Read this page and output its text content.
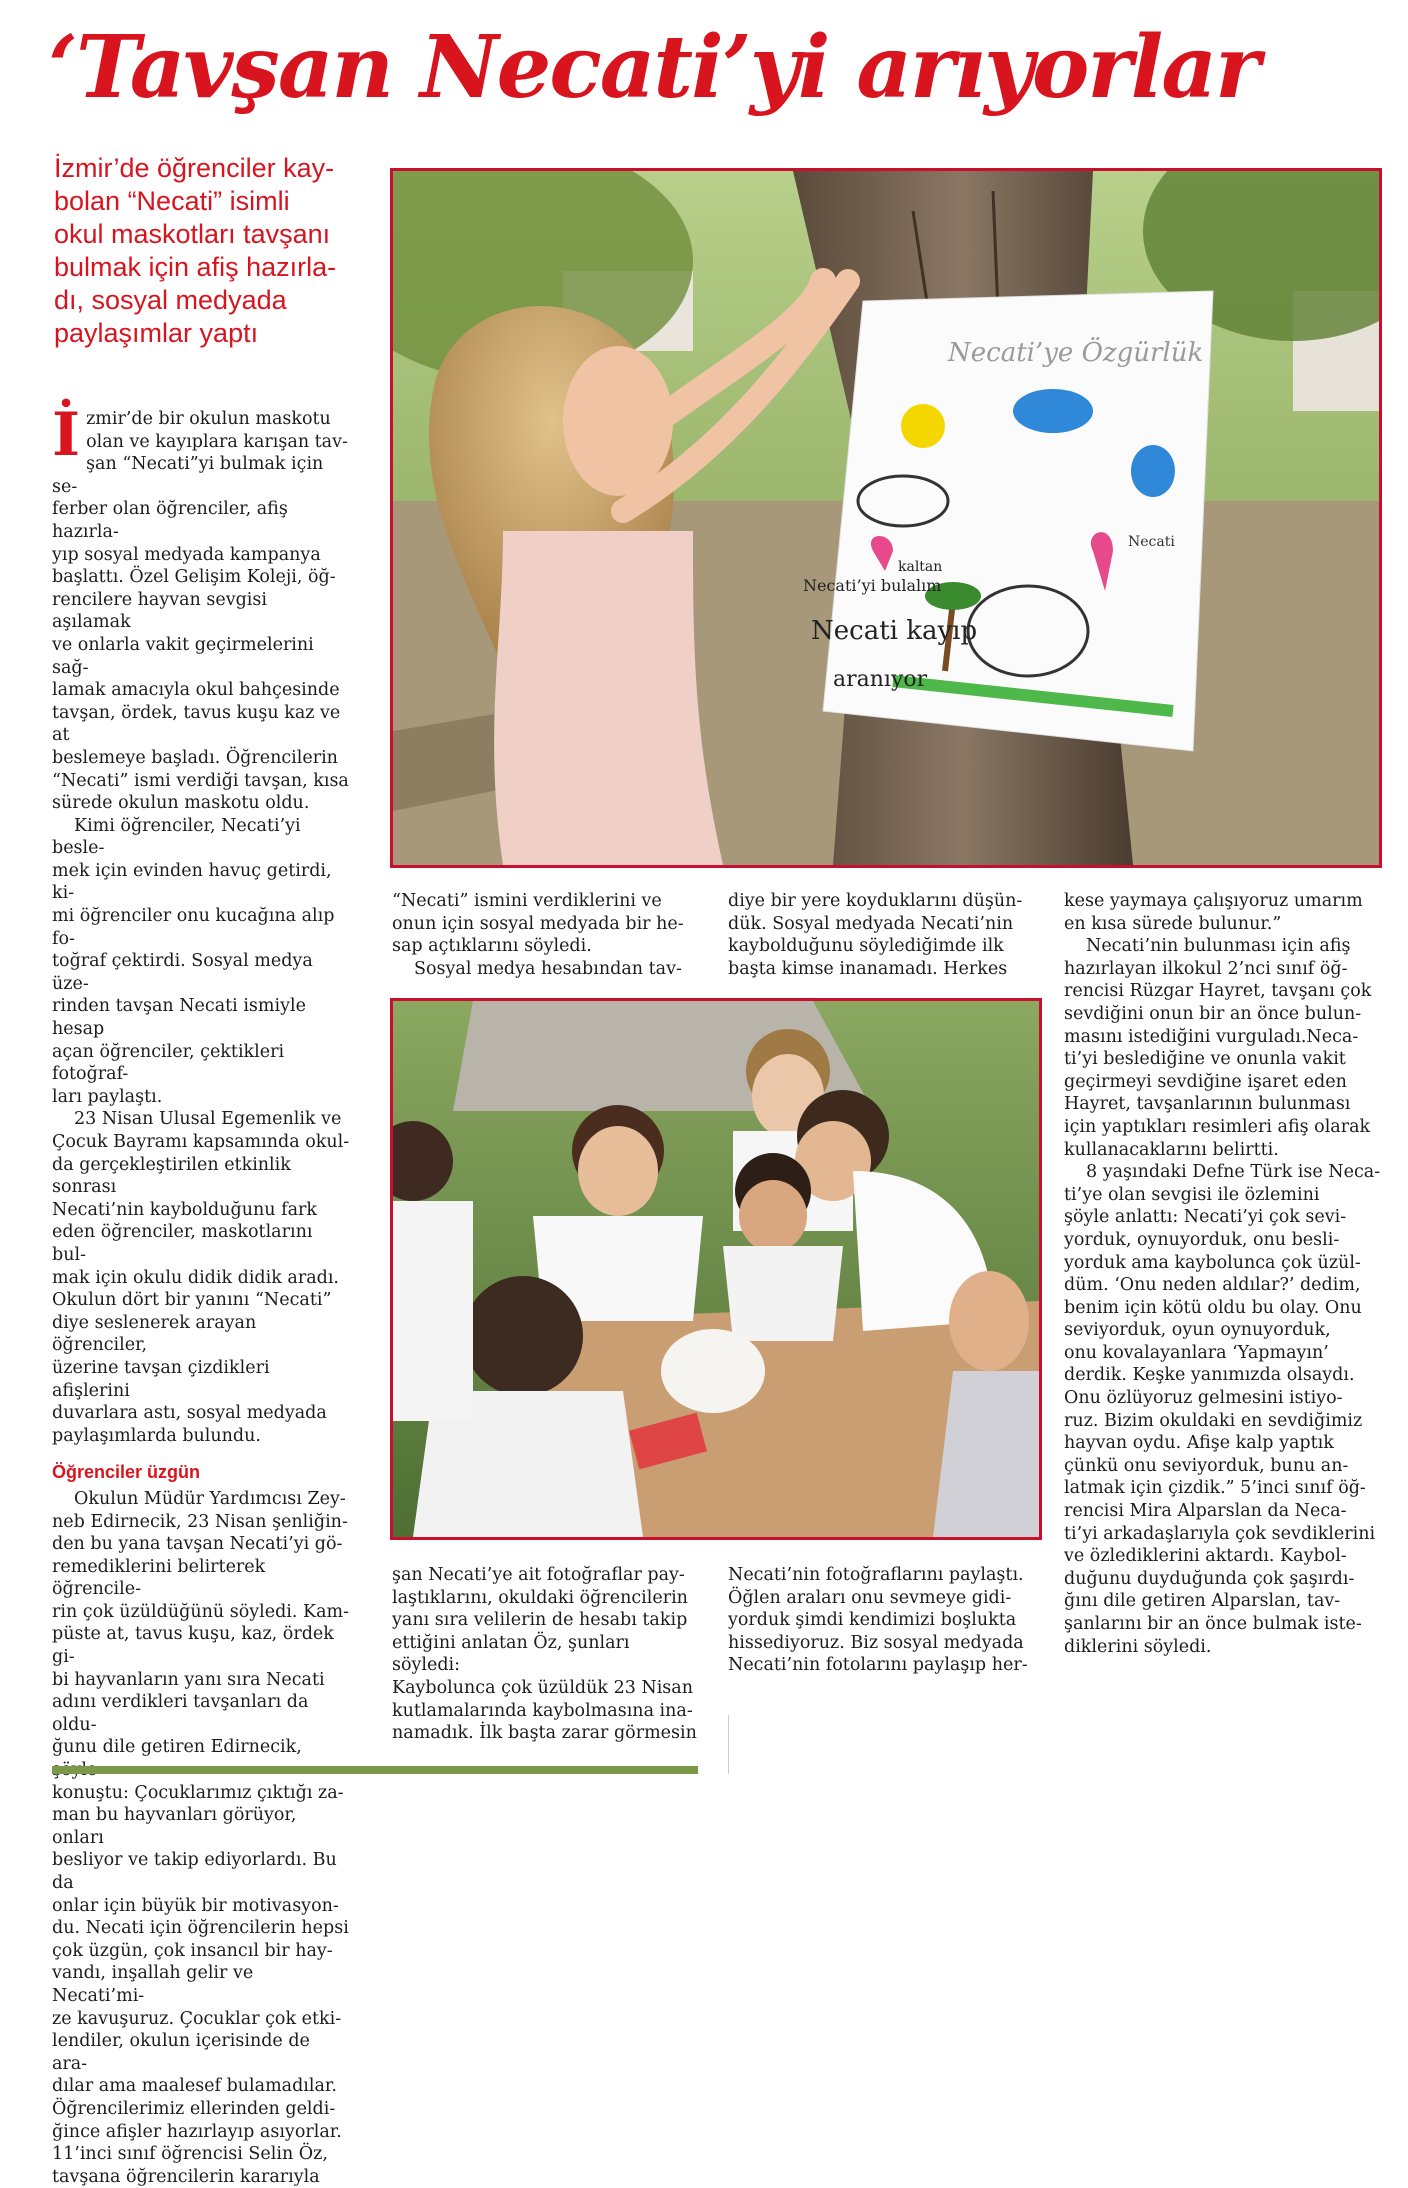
‘Tavşan Necati’yi arıyorlar

İzmir’de öğrenciler kay-

bolan “Necati” isimli

okul maskotları tavşanı

bulmak için afiş hazırla-

dı, sosyal medyada

paylaşımlar yaptı

İ zmir’de bir okulun maskotu

olan ve kayıplara karışan tav-

şan “Necati”yi bulmak için se-

ferber olan öğrenciler, afiş hazırla-

yıp sosyal medyada kampanya

başlattı. Özel Gelişim Koleji, öğ-

rencilere hayvan sevgisi aşılamak

ve onlarla vakit geçirmelerini sağ-

lamak amacıyla okul bahçesinde

tavşan, ördek, tavus kuşu kaz ve at

beslemeye başladı. Öğrencilerin

“Necati” ismi verdiği tavşan, kısa

sürede okulun maskotu oldu.

Kimi öğrenciler, Necati’yi besle-

mek için evinden havuç getirdi, ki-

mi öğrenciler onu kucağına alıp fo-

toğraf çektirdi. Sosyal medya üze-

rinden tavşan Necati ismiyle hesap

açan öğrenciler, çektikleri fotoğraf-

ları paylaştı.

23 Nisan Ulusal Egemenlik ve

Çocuk Bayramı kapsamında okul-

da gerçekleştirilen etkinlik sonrası

Necati’nin kaybolduğunu fark

eden öğrenciler, maskotlarını bul-

mak için okulu didik didik aradı.

Okulun dört bir yanını “Necati”

diye seslenerek arayan öğrenciler,

üzerine tavşan çizdikleri afişlerini

duvarlara astı, sosyal medyada

paylaşımlarda bulundu.

Öğrenciler üzgün

Okulun Müdür Yardımcısı Zey-

neb Edirnecik, 23 Nisan şenliğin-

den bu yana tavşan Necati’yi gö-

remediklerini belirterek öğrencile-

rin çok üzüldüğünü söyledi. Kam-

püste at, tavus kuşu, kaz, ördek gi-

bi hayvanların yanı sıra Necati

adını verdikleri tavşanları da oldu-

ğunu dile getiren Edirnecik,

konuştu: Çocuklarımız çıktığı za-

man bu hayvanları görüyor, onları

besliyor ve takip ediyorlardı. Bu da

onlar için büyük bir motivasyon-

du. Necati için öğrencilerin hepsi

çok üzgün, çok insancıl bir hay-

vandı, inşallah gelir ve Necati’mi-

ze kavuşuruz. Çocuklar çok etki-

lendiler, okulun içerisinde de ara-

dılar ama maalesef bulamadılar.

Öğrencilerimiz ellerinden geldi-

ğince afişler hazırlayıp asıyorlar.

11’inci sınıf öğrencisi Selin Öz,

tavşana öğrencilerin kararıyla

Necati’ye Özgürlük
Necati’yi bulalım
kaltan
Necati kayıp
aranıyor
Necati

“Necati” ismini verdiklerini ve

onun için sosyal medyada bir he-

sap açtıklarını söyledi.

Sosyal medya hesabından tav-

diye bir yere koyduklarını düşün-

dük. Sosyal medyada Necati’nin

kaybolduğunu söylediğimde ilk

başta kimse inanamadı. Herkes

şan Necati’ye ait fotoğraflar pay-

laştıklarını, okuldaki öğrencilerin

yanı sıra velilerin de hesabı takip

ettiğini anlatan Öz, şunları söyledi:

Kaybolunca çok üzüldük 23 Nisan

kutlamalarında kaybolmasına ina-

namadık. İlk başta zarar görmesin

Necati’nin fotoğraflarını paylaştı.

Öğlen araları onu sevmeye gidi-

yorduk şimdi kendimizi boşlukta

hissediyoruz. Biz sosyal medyada

Necati’nin fotolarını paylaşıp her-

kese yaymaya çalışıyoruz umarım

en kısa sürede bulunur.”

Necati’nin bulunması için afiş

hazırlayan ilkokul 2’nci sınıf öğ-

rencisi Rüzgar Hayret, tavşanı çok

sevdiğini onun bir an önce bulun-

masını istediğini vurguladı.Neca-

ti’yi beslediğine ve onunla vakit

geçirmeyi sevdiğine işaret eden

Hayret, tavşanlarının bulunması

için yaptıkları resimleri afiş olarak

kullanacaklarını belirtti.

8 yaşındaki Defne Türk ise Neca-

ti’ye olan sevgisi ile özlemini

şöyle anlattı: Necati’yi çok sevi-

yorduk, oynuyorduk, onu besli-

yorduk ama kaybolunca çok üzül-

düm. ‘Onu neden aldılar?’ dedim,

benim için kötü oldu bu olay. Onu

seviyorduk, oyun oynuyorduk,

onu kovalayanlara ‘Yapmayın’

derdik. Keşke yanımızda olsaydı.

Onu özlüyoruz gelmesini istiyo-

ruz. Bizim okuldaki en sevdiğimiz

hayvan oydu. Afişe kalp yaptık

çünkü onu seviyorduk, bunu an-

latmak için çizdik.” 5’inci sınıf öğ-

rencisi Mira Alparslan da Neca-

ti’yi arkadaşlarıyla çok sevdiklerini

ve özlediklerini aktardı. Kaybol-

duğunu duyduğunda çok şaşırdı-

ğını dile getiren Alparslan, tav-

şanlarını bir an önce bulmak iste-

diklerini söyledi.
